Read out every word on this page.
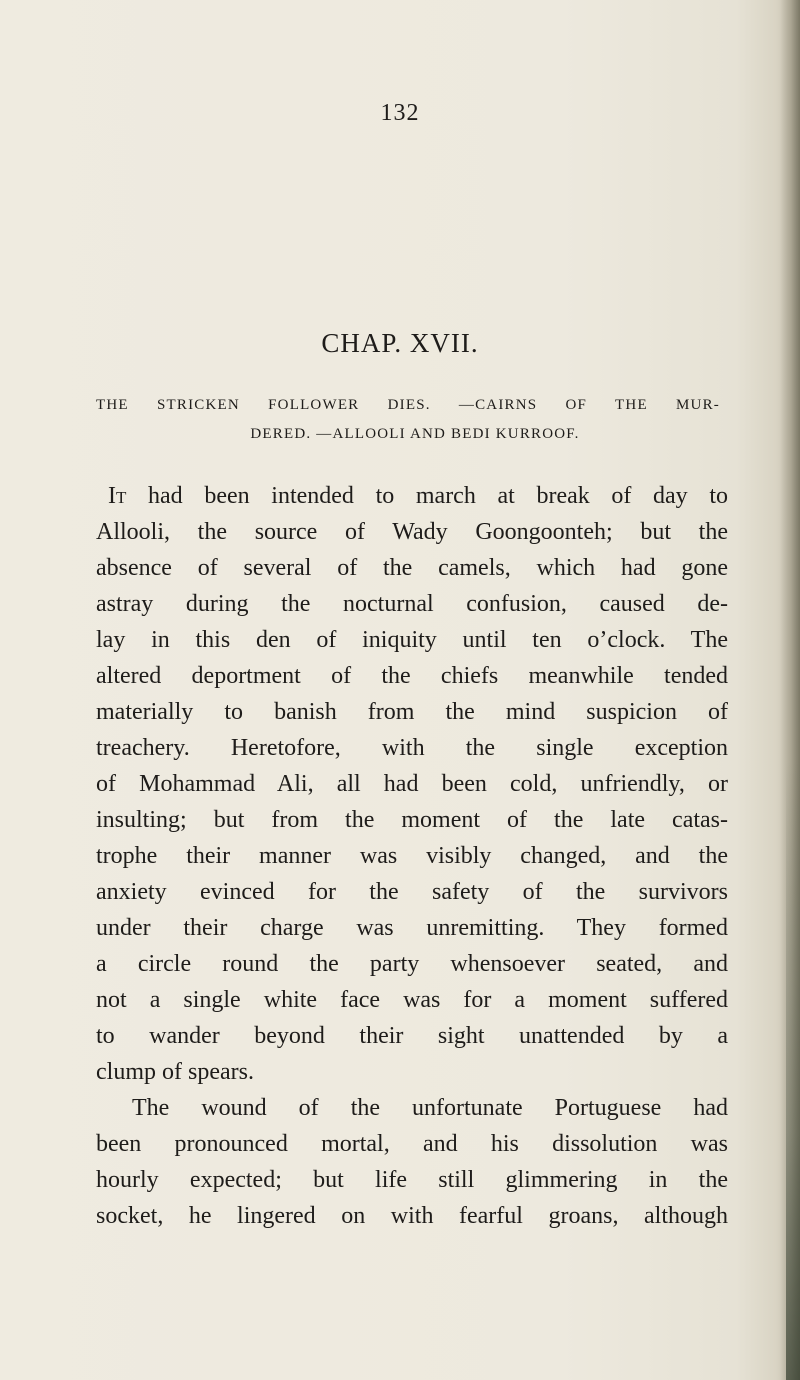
132
CHAP. XVII.
THE STRICKEN FOLLOWER DIES. —CAIRNS OF THE MUR-
DERED. —ALLOOLI AND BEDI KURROOF.
It had been intended to march at break of day to
Allooli, the source of Wady Goongoonteh; but the
absence of several of the camels, which had gone
astray during the nocturnal confusion, caused de-
lay in this den of iniquity until ten o’clock. The
altered deportment of the chiefs meanwhile tended
materially to banish from the mind suspicion of
treachery. Heretofore, with the single exception
of Mohammad Ali, all had been cold, unfriendly, or
insulting; but from the moment of the late catas-
trophe their manner was visibly changed, and the
anxiety evinced for the safety of the survivors
under their charge was unremitting. They formed
a circle round the party whensoever seated, and
not a single white face was for a moment suffered
to wander beyond their sight unattended by a
clump of spears.
The wound of the unfortunate Portuguese had
been pronounced mortal, and his dissolution was
hourly expected; but life still glimmering in the
socket, he lingered on with fearful groans, although
